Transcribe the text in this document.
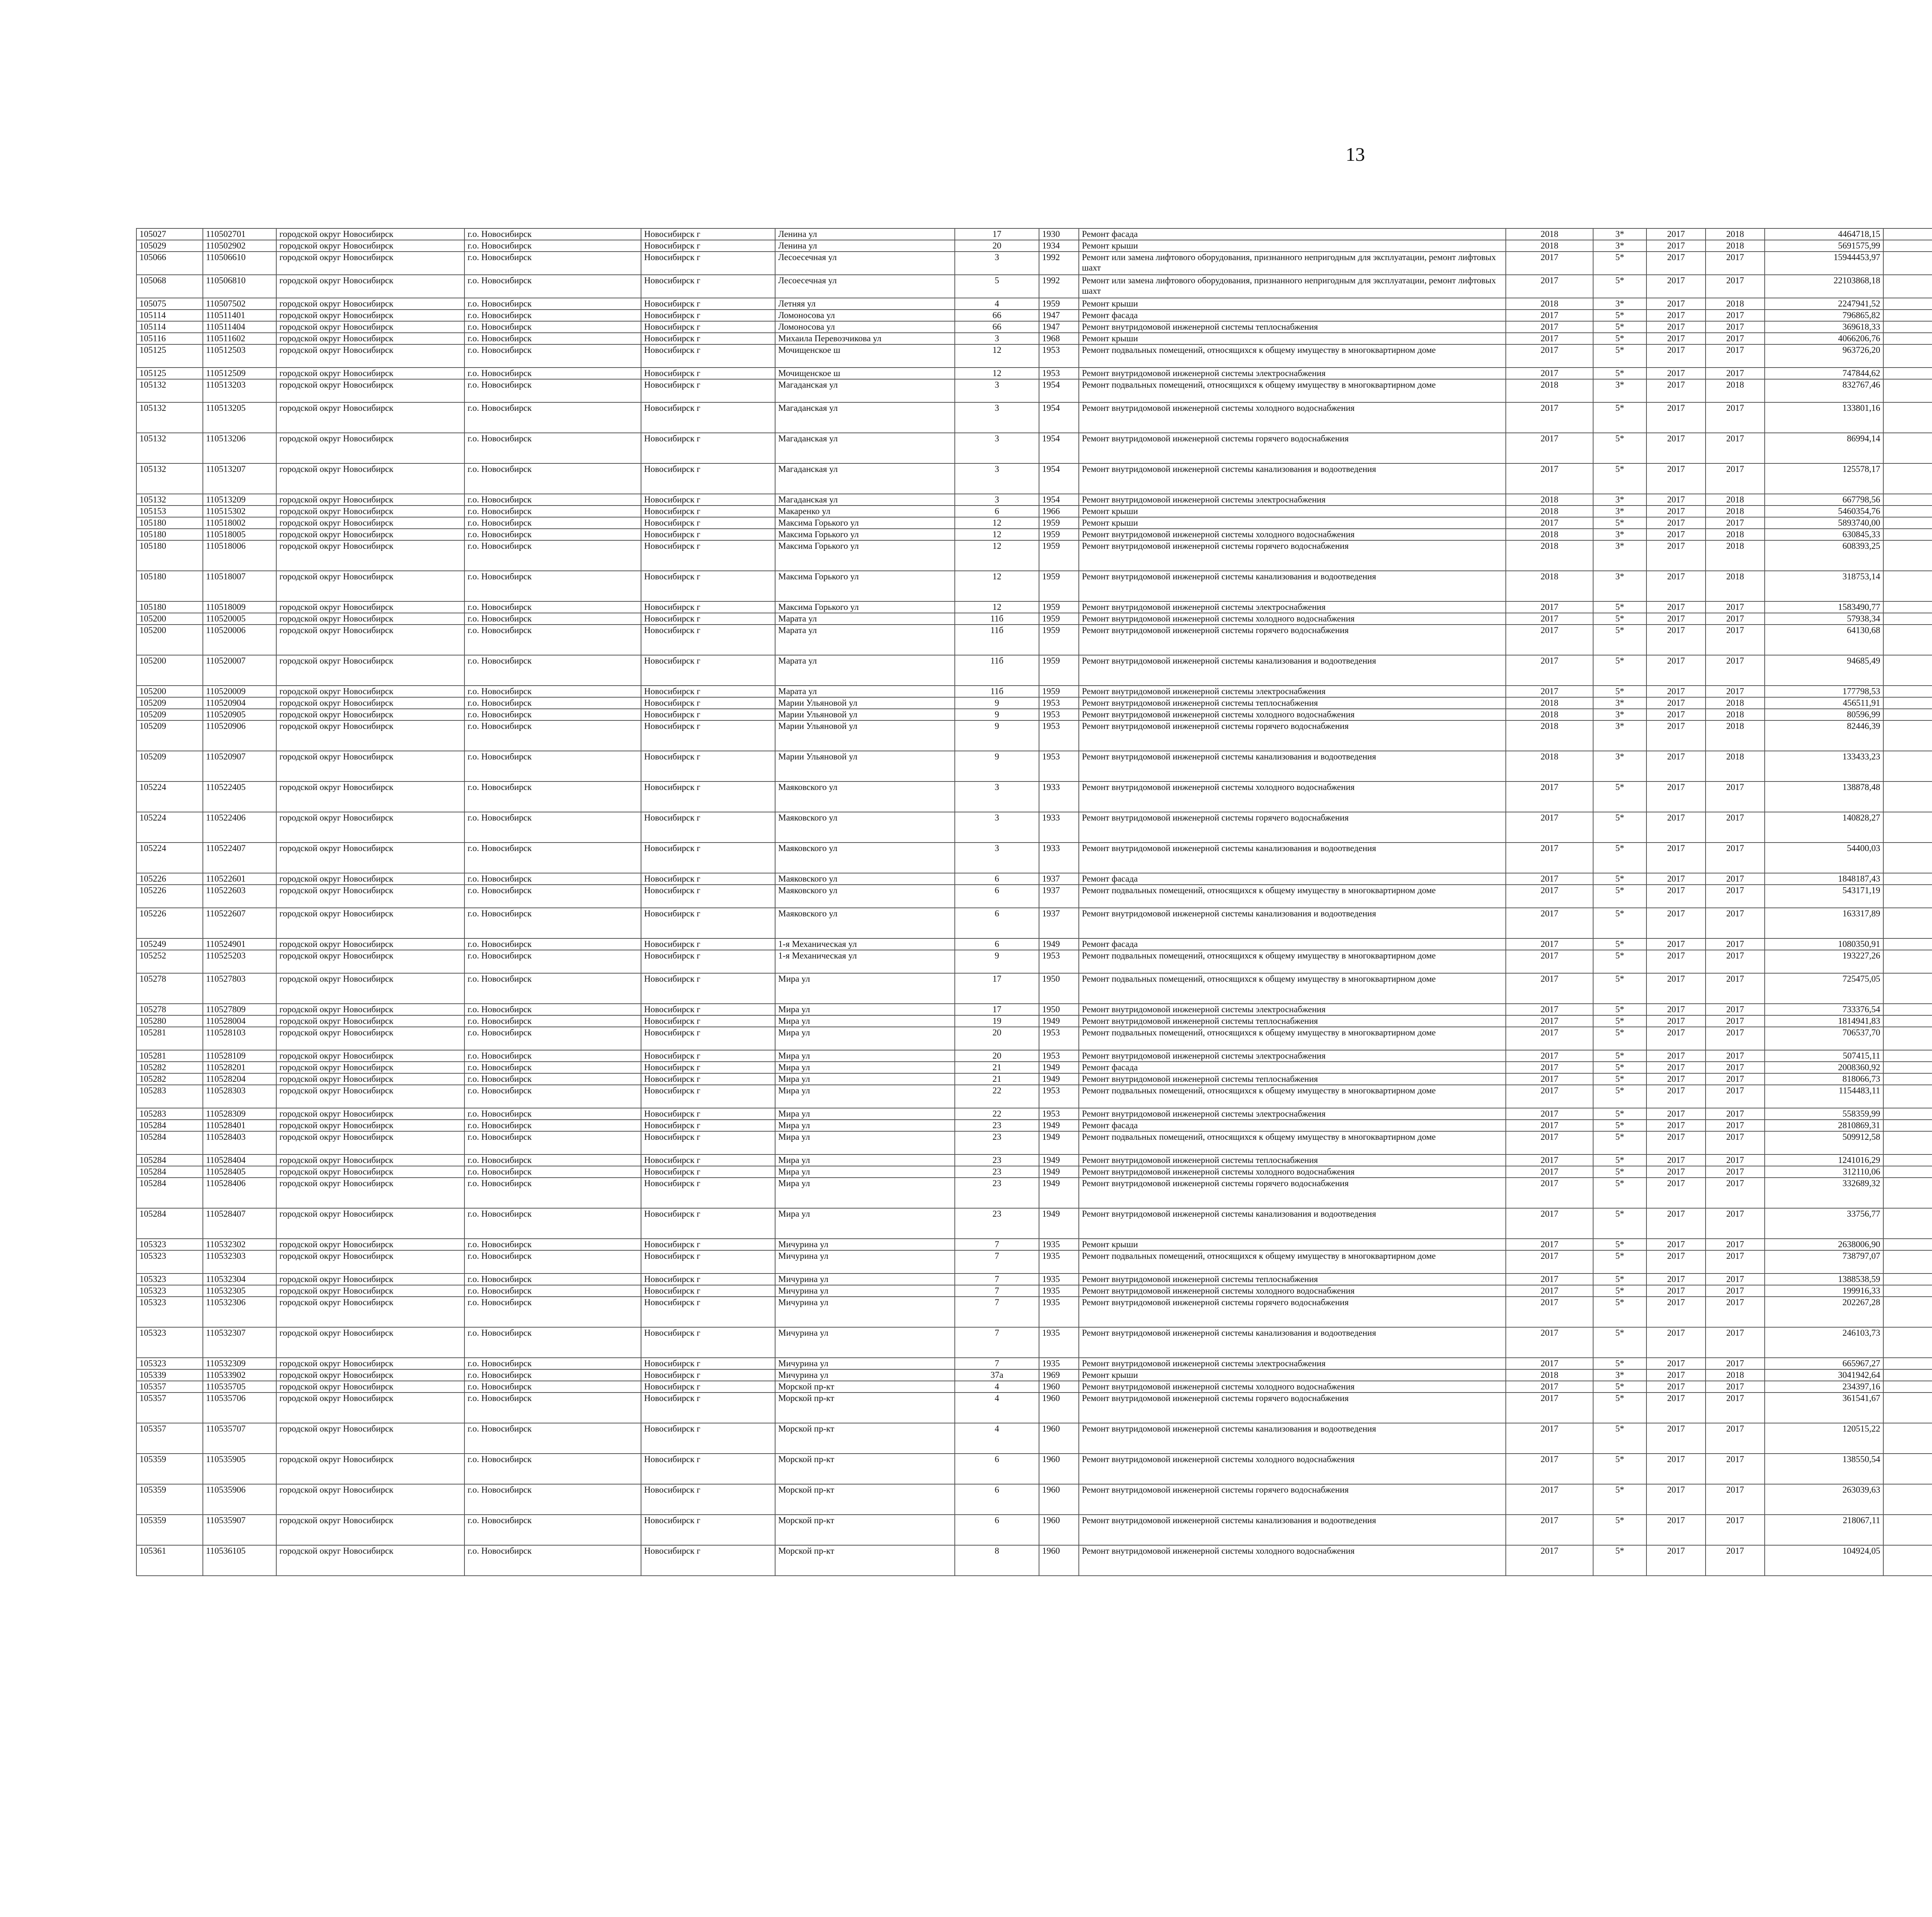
13
105027	110502701	городской округ Новосибирск	г.о. Новосибирск	Новосибирск г	Ленина ул	17	1930	Ремонт фасада	2018	3*	2017	2018	4464718,15								
105029	110502902	городской округ Новосибирск	г.о. Новосибирск	Новосибирск г	Ленина ул	20	1934	Ремонт крыши	2018	3*	2017	2018	5691575,99								
105066	110506610	городской округ Новосибирск	г.о. Новосибирск	Новосибирск г	Лесоесечная ул	3	1992	Ремонт или замена лифтового оборудования, признанного непригодным для эксплуатации, ремонт лифтовых шахт	2017	5*	2017	2017	15944453,97								
105068	110506810	городской округ Новосибирск	г.о. Новосибирск	Новосибирск г	Лесоесечная ул	5	1992	Ремонт или замена лифтового оборудования, признанного непригодным для эксплуатации, ремонт лифтовых шахт	2017	5*	2017	2017	22103868,18								
105075	110507502	городской округ Новосибирск	г.о. Новосибирск	Новосибирск г	Летняя ул	4	1959	Ремонт крыши	2018	3*	2017	2018	2247941,52								
105114	110511401	городской округ Новосибирск	г.о. Новосибирск	Новосибирск г	Ломоносова ул	66	1947	Ремонт фасада	2017	5*	2017	2017	796865,82								
105114	110511404	городской округ Новосибирск	г.о. Новосибирск	Новосибирск г	Ломоносова ул	66	1947	Ремонт внутридомовой инженерной системы теплоснабжения	2017	5*	2017	2017	369618,33								
105116	110511602	городской округ Новосибирск	г.о. Новосибирск	Новосибирск г	Михаила Перевозчикова ул	3	1968	Ремонт крыши	2017	5*	2017	2017	4066206,76								
105125	110512503	городской округ Новосибирск	г.о. Новосибирск	Новосибирск г	Мочищенское ш	12	1953	Ремонт подвальных помещений, относящихся к общему имуществу в многоквартирном доме	2017	5*	2017	2017	963726,20								
105125	110512509	городской округ Новосибирск	г.о. Новосибирск	Новосибирск г	Мочищенское ш	12	1953	Ремонт внутридомовой инженерной системы электроснабжения	2017	5*	2017	2017	747844,62								
105132	110513203	городской округ Новосибирск	г.о. Новосибирск	Новосибирск г	Магаданская ул	3	1954	Ремонт подвальных помещений, относящихся к общему имуществу в многоквартирном доме	2018	3*	2017	2018	832767,46								
105132	110513205	городской округ Новосибирск	г.о. Новосибирск	Новосибирск г	Магаданская ул	3	1954	Ремонт внутридомовой инженерной системы холодного водоснабжения	2017	5*	2017	2017	133801,16								
105132	110513206	городской округ Новосибирск	г.о. Новосибирск	Новосибирск г	Магаданская ул	3	1954	Ремонт внутридомовой инженерной системы горячего водоснабжения	2017	5*	2017	2017	86994,14								
105132	110513207	городской округ Новосибирск	г.о. Новосибирск	Новосибирск г	Магаданская ул	3	1954	Ремонт внутридомовой инженерной системы канализования и водоотведения	2017	5*	2017	2017	125578,17								
105132	110513209	городской округ Новосибирск	г.о. Новосибирск	Новосибирск г	Магаданская ул	3	1954	Ремонт внутридомовой инженерной системы электроснабжения	2018	3*	2017	2018	667798,56								
105153	110515302	городской округ Новосибирск	г.о. Новосибирск	Новосибирск г	Макаренко ул	6	1966	Ремонт крыши	2018	3*	2017	2018	5460354,76								
105180	110518002	городской округ Новосибирск	г.о. Новосибирск	Новосибирск г	Максима Горького ул	12	1959	Ремонт крыши	2017	5*	2017	2017	5893740,00								
105180	110518005	городской округ Новосибирск	г.о. Новосибирск	Новосибирск г	Максима Горького ул	12	1959	Ремонт внутридомовой инженерной системы холодного водоснабжения	2018	3*	2017	2018	630845,33								
105180	110518006	городской округ Новосибирск	г.о. Новосибирск	Новосибирск г	Максима Горького ул	12	1959	Ремонт внутридомовой инженерной системы горячего водоснабжения	2018	3*	2017	2018	608393,25								
105180	110518007	городской округ Новосибирск	г.о. Новосибирск	Новосибирск г	Максима Горького ул	12	1959	Ремонт внутридомовой инженерной системы канализования и водоотведения	2018	3*	2017	2018	318753,14								
105180	110518009	городской округ Новосибирск	г.о. Новосибирск	Новосибирск г	Максима Горького ул	12	1959	Ремонт внутридомовой инженерной системы электроснабжения	2017	5*	2017	2017	1583490,77								
105200	110520005	городской округ Новосибирск	г.о. Новосибирск	Новосибирск г	Марата ул	11б	1959	Ремонт внутридомовой инженерной системы холодного водоснабжения	2017	5*	2017	2017	57938,34								
105200	110520006	городской округ Новосибирск	г.о. Новосибирск	Новосибирск г	Марата ул	11б	1959	Ремонт внутридомовой инженерной системы горячего водоснабжения	2017	5*	2017	2017	64130,68								
105200	110520007	городской округ Новосибирск	г.о. Новосибирск	Новосибирск г	Марата ул	11б	1959	Ремонт внутридомовой инженерной системы канализования и водоотведения	2017	5*	2017	2017	94685,49								
105200	110520009	городской округ Новосибирск	г.о. Новосибирск	Новосибирск г	Марата ул	11б	1959	Ремонт внутридомовой инженерной системы электроснабжения	2017	5*	2017	2017	177798,53								
105209	110520904	городской округ Новосибирск	г.о. Новосибирск	Новосибирск г	Марии Ульяновой ул	9	1953	Ремонт внутридомовой инженерной системы теплоснабжения	2018	3*	2017	2018	456511,91								
105209	110520905	городской округ Новосибирск	г.о. Новосибирск	Новосибирск г	Марии Ульяновой ул	9	1953	Ремонт внутридомовой инженерной системы холодного водоснабжения	2018	3*	2017	2018	80596,99								
105209	110520906	городской округ Новосибирск	г.о. Новосибирск	Новосибирск г	Марии Ульяновой ул	9	1953	Ремонт внутридомовой инженерной системы горячего водоснабжения	2018	3*	2017	2018	82446,39								
105209	110520907	городской округ Новосибирск	г.о. Новосибирск	Новосибирск г	Марии Ульяновой ул	9	1953	Ремонт внутридомовой инженерной системы канализования и водоотведения	2018	3*	2017	2018	133433,23								
105224	110522405	городской округ Новосибирск	г.о. Новосибирск	Новосибирск г	Маяковского ул	3	1933	Ремонт внутридомовой инженерной системы холодного водоснабжения	2017	5*	2017	2017	138878,48								
105224	110522406	городской округ Новосибирск	г.о. Новосибирск	Новосибирск г	Маяковского ул	3	1933	Ремонт внутридомовой инженерной системы горячего водоснабжения	2017	5*	2017	2017	140828,27								
105224	110522407	городской округ Новосибирск	г.о. Новосибирск	Новосибирск г	Маяковского ул	3	1933	Ремонт внутридомовой инженерной системы канализования и водоотведения	2017	5*	2017	2017	54400,03								
105226	110522601	городской округ Новосибирск	г.о. Новосибирск	Новосибирск г	Маяковского ул	6	1937	Ремонт фасада	2017	5*	2017	2017	1848187,43								
105226	110522603	городской округ Новосибирск	г.о. Новосибирск	Новосибирск г	Маяковского ул	6	1937	Ремонт подвальных помещений, относящихся к общему имуществу в многоквартирном доме	2017	5*	2017	2017	543171,19								
105226	110522607	городской округ Новосибирск	г.о. Новосибирск	Новосибирск г	Маяковского ул	6	1937	Ремонт внутридомовой инженерной системы канализования и водоотведения	2017	5*	2017	2017	163317,89								
105249	110524901	городской округ Новосибирск	г.о. Новосибирск	Новосибирск г	1-я Механическая ул	6	1949	Ремонт фасада	2017	5*	2017	2017	1080350,91								
105252	110525203	городской округ Новосибирск	г.о. Новосибирск	Новосибирск г	1-я Механическая ул	9	1953	Ремонт подвальных помещений, относящихся к общему имуществу в многоквартирном доме	2017	5*	2017	2017	193227,26								
105278	110527803	городской округ Новосибирск	г.о. Новосибирск	Новосибирск г	Мира ул	17	1950	Ремонт подвальных помещений, относящихся к общему имуществу в многоквартирном доме	2017	5*	2017	2017	725475,05								
105278	110527809	городской округ Новосибирск	г.о. Новосибирск	Новосибирск г	Мира ул	17	1950	Ремонт внутридомовой инженерной системы электроснабжения	2017	5*	2017	2017	733376,54								
105280	110528004	городской округ Новосибирск	г.о. Новосибирск	Новосибирск г	Мира ул	19	1949	Ремонт внутридомовой инженерной системы теплоснабжения	2017	5*	2017	2017	1814941,83								
105281	110528103	городской округ Новосибирск	г.о. Новосибирск	Новосибирск г	Мира ул	20	1953	Ремонт подвальных помещений, относящихся к общему имуществу в многоквартирном доме	2017	5*	2017	2017	706537,70								
105281	110528109	городской округ Новосибирск	г.о. Новосибирск	Новосибирск г	Мира ул	20	1953	Ремонт внутридомовой инженерной системы электроснабжения	2017	5*	2017	2017	507415,11								
105282	110528201	городской округ Новосибирск	г.о. Новосибирск	Новосибирск г	Мира ул	21	1949	Ремонт фасада	2017	5*	2017	2017	2008360,92								
105282	110528204	городской округ Новосибирск	г.о. Новосибирск	Новосибирск г	Мира ул	21	1949	Ремонт внутридомовой инженерной системы теплоснабжения	2017	5*	2017	2017	818066,73								
105283	110528303	городской округ Новосибирск	г.о. Новосибирск	Новосибирск г	Мира ул	22	1953	Ремонт подвальных помещений, относящихся к общему имуществу в многоквартирном доме	2017	5*	2017	2017	1154483,11								
105283	110528309	городской округ Новосибирск	г.о. Новосибирск	Новосибирск г	Мира ул	22	1953	Ремонт внутридомовой инженерной системы электроснабжения	2017	5*	2017	2017	558359,99								
105284	110528401	городской округ Новосибирск	г.о. Новосибирск	Новосибирск г	Мира ул	23	1949	Ремонт фасада	2017	5*	2017	2017	2810869,31								
105284	110528403	городской округ Новосибирск	г.о. Новосибирск	Новосибирск г	Мира ул	23	1949	Ремонт подвальных помещений, относящихся к общему имуществу в многоквартирном доме	2017	5*	2017	2017	509912,58								
105284	110528404	городской округ Новосибирск	г.о. Новосибирск	Новосибирск г	Мира ул	23	1949	Ремонт внутридомовой инженерной системы теплоснабжения	2017	5*	2017	2017	1241016,29								
105284	110528405	городской округ Новосибирск	г.о. Новосибирск	Новосибирск г	Мира ул	23	1949	Ремонт внутридомовой инженерной системы холодного водоснабжения	2017	5*	2017	2017	312110,06								
105284	110528406	городской округ Новосибирск	г.о. Новосибирск	Новосибирск г	Мира ул	23	1949	Ремонт внутридомовой инженерной системы горячего водоснабжения	2017	5*	2017	2017	332689,32								
105284	110528407	городской округ Новосибирск	г.о. Новосибирск	Новосибирск г	Мира ул	23	1949	Ремонт внутридомовой инженерной системы канализования и водоотведения	2017	5*	2017	2017	33756,77								
105323	110532302	городской округ Новосибирск	г.о. Новосибирск	Новосибирск г	Мичурина ул	7	1935	Ремонт крыши	2017	5*	2017	2017	2638006,90								
105323	110532303	городской округ Новосибирск	г.о. Новосибирск	Новосибирск г	Мичурина ул	7	1935	Ремонт подвальных помещений, относящихся к общему имуществу в многоквартирном доме	2017	5*	2017	2017	738797,07								
105323	110532304	городской округ Новосибирск	г.о. Новосибирск	Новосибирск г	Мичурина ул	7	1935	Ремонт внутридомовой инженерной системы теплоснабжения	2017	5*	2017	2017	1388538,59								
105323	110532305	городской округ Новосибирск	г.о. Новосибирск	Новосибирск г	Мичурина ул	7	1935	Ремонт внутридомовой инженерной системы холодного водоснабжения	2017	5*	2017	2017	199916,33								
105323	110532306	городской округ Новосибирск	г.о. Новосибирск	Новосибирск г	Мичурина ул	7	1935	Ремонт внутридомовой инженерной системы горячего водоснабжения	2017	5*	2017	2017	202267,28								
105323	110532307	городской округ Новосибирск	г.о. Новосибирск	Новосибирск г	Мичурина ул	7	1935	Ремонт внутридомовой инженерной системы канализования и водоотведения	2017	5*	2017	2017	246103,73								
105323	110532309	городской округ Новосибирск	г.о. Новосибирск	Новосибирск г	Мичурина ул	7	1935	Ремонт внутридомовой инженерной системы электроснабжения	2017	5*	2017	2017	665967,27								
105339	110533902	городской округ Новосибирск	г.о. Новосибирск	Новосибирск г	Мичурина ул	37а	1969	Ремонт крыши	2018	3*	2017	2018	3041942,64								
105357	110535705	городской округ Новосибирск	г.о. Новосибирск	Новосибирск г	Морской пр-кт	4	1960	Ремонт внутридомовой инженерной системы холодного водоснабжения	2017	5*	2017	2017	234397,16								
105357	110535706	городской округ Новосибирск	г.о. Новосибирск	Новосибирск г	Морской пр-кт	4	1960	Ремонт внутридомовой инженерной системы горячего водоснабжения	2017	5*	2017	2017	361541,67								
105357	110535707	городской округ Новосибирск	г.о. Новосибирск	Новосибирск г	Морской пр-кт	4	1960	Ремонт внутридомовой инженерной системы канализования и водоотведения	2017	5*	2017	2017	120515,22								
105359	110535905	городской округ Новосибирск	г.о. Новосибирск	Новосибирск г	Морской пр-кт	6	1960	Ремонт внутридомовой инженерной системы холодного водоснабжения	2017	5*	2017	2017	138550,54								
105359	110535906	городской округ Новосибирск	г.о. Новосибирск	Новосибирск г	Морской пр-кт	6	1960	Ремонт внутридомовой инженерной системы горячего водоснабжения	2017	5*	2017	2017	263039,63								
105359	110535907	городской округ Новосибирск	г.о. Новосибирск	Новосибирск г	Морской пр-кт	6	1960	Ремонт внутридомовой инженерной системы канализования и водоотведения	2017	5*	2017	2017	218067,11								
105361	110536105	городской округ Новосибирск	г.о. Новосибирск	Новосибирск г	Морской пр-кт	8	1960	Ремонт внутридомовой инженерной системы холодного водоснабжения	2017	5*	2017	2017	104924,05								
